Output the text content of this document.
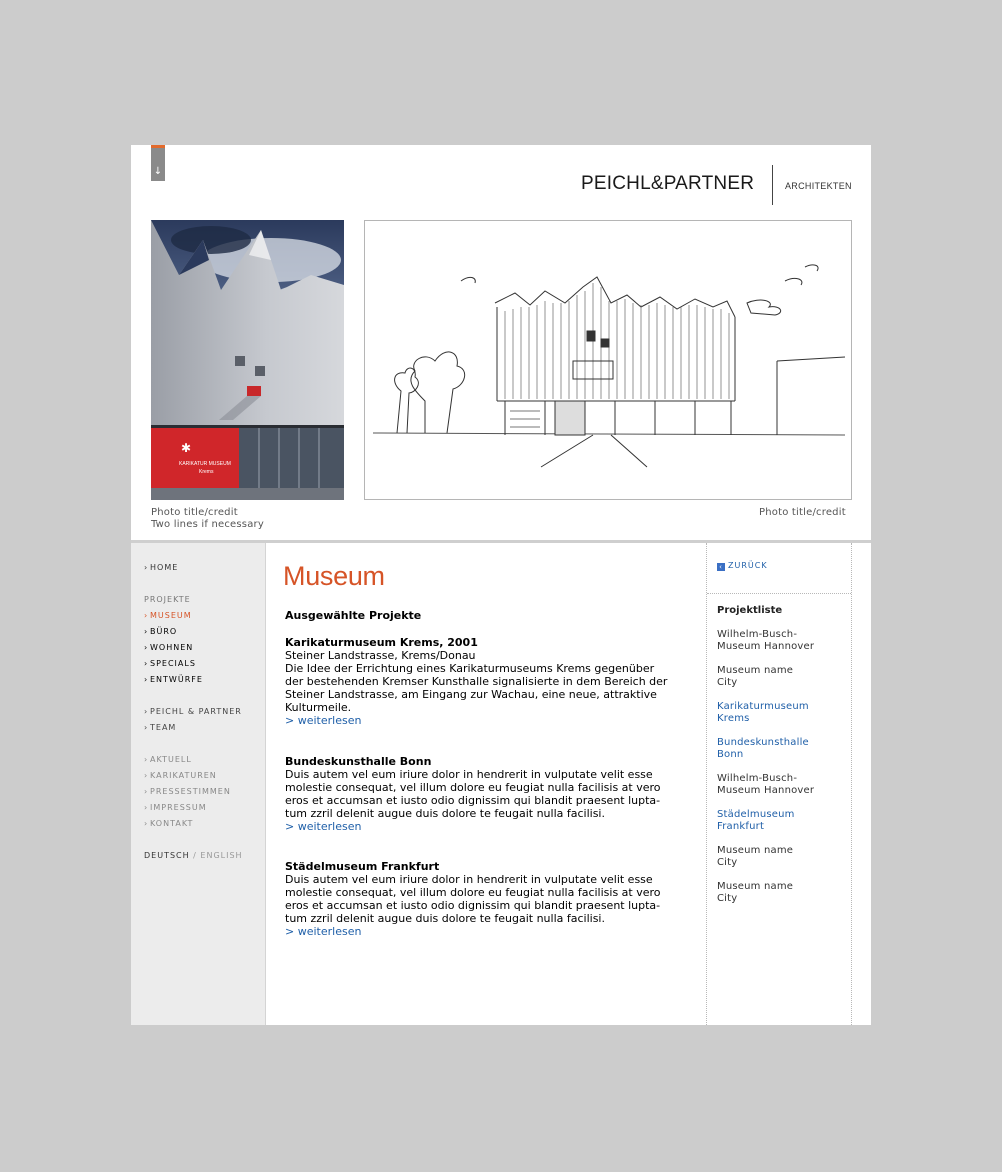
↓
PEICHL&PARTNER	ARCHITEKTEN
✱
KARIKATUR MUSEUM
Krems
Photo title/credit
Two lines if necessary
Photo title/credit
› HOME
PROJEKTE
› MUSEUM
› BÜRO
› WOHNEN
› SPECIALS
› ENTWÜRFE
› PEICHL & PARTNER
› TEAM
› AKTUELL
› KARIKATUREN
› PRESSESTIMMEN
› IMPRESSUM
› KONTAKT
DEUTSCH / ENGLISH
Museum
Ausgewählte Projekte
Karikaturmuseum Krems, 2001
Steiner Landstrasse, Krems/Donau
Die Idee der Errichtung eines Karikaturmuseums Krems gegenüber
der bestehenden Kremser Kunsthalle signalisierte in dem Bereich der
Steiner Landstrasse, am Eingang zur Wachau, eine neue, attraktive
Kulturmeile.
> weiterlesen
Bundeskunsthalle Bonn
Duis autem vel eum iriure dolor in hendrerit in vulputate velit esse
molestie consequat, vel illum dolore eu feugiat nulla facilisis at vero
eros et accumsan et iusto odio dignissim qui blandit praesent lupta-
tum zzril delenit augue duis dolore te feugait nulla facilisi.
> weiterlesen
Städelmuseum Frankfurt
Duis autem vel eum iriure dolor in hendrerit in vulputate velit esse
molestie consequat, vel illum dolore eu feugiat nulla facilisis at vero
eros et accumsan et iusto odio dignissim qui blandit praesent lupta-
tum zzril delenit augue duis dolore te feugait nulla facilisi.
> weiterlesen
‹ ZURÜCK
Projektliste
Wilhelm-Busch-
Museum Hannover
Museum name
City
Karikaturmuseum
Krems
Bundeskunsthalle
Bonn
Wilhelm-Busch-
Museum Hannover
Städelmuseum
Frankfurt
Museum name
City
Museum name
City
